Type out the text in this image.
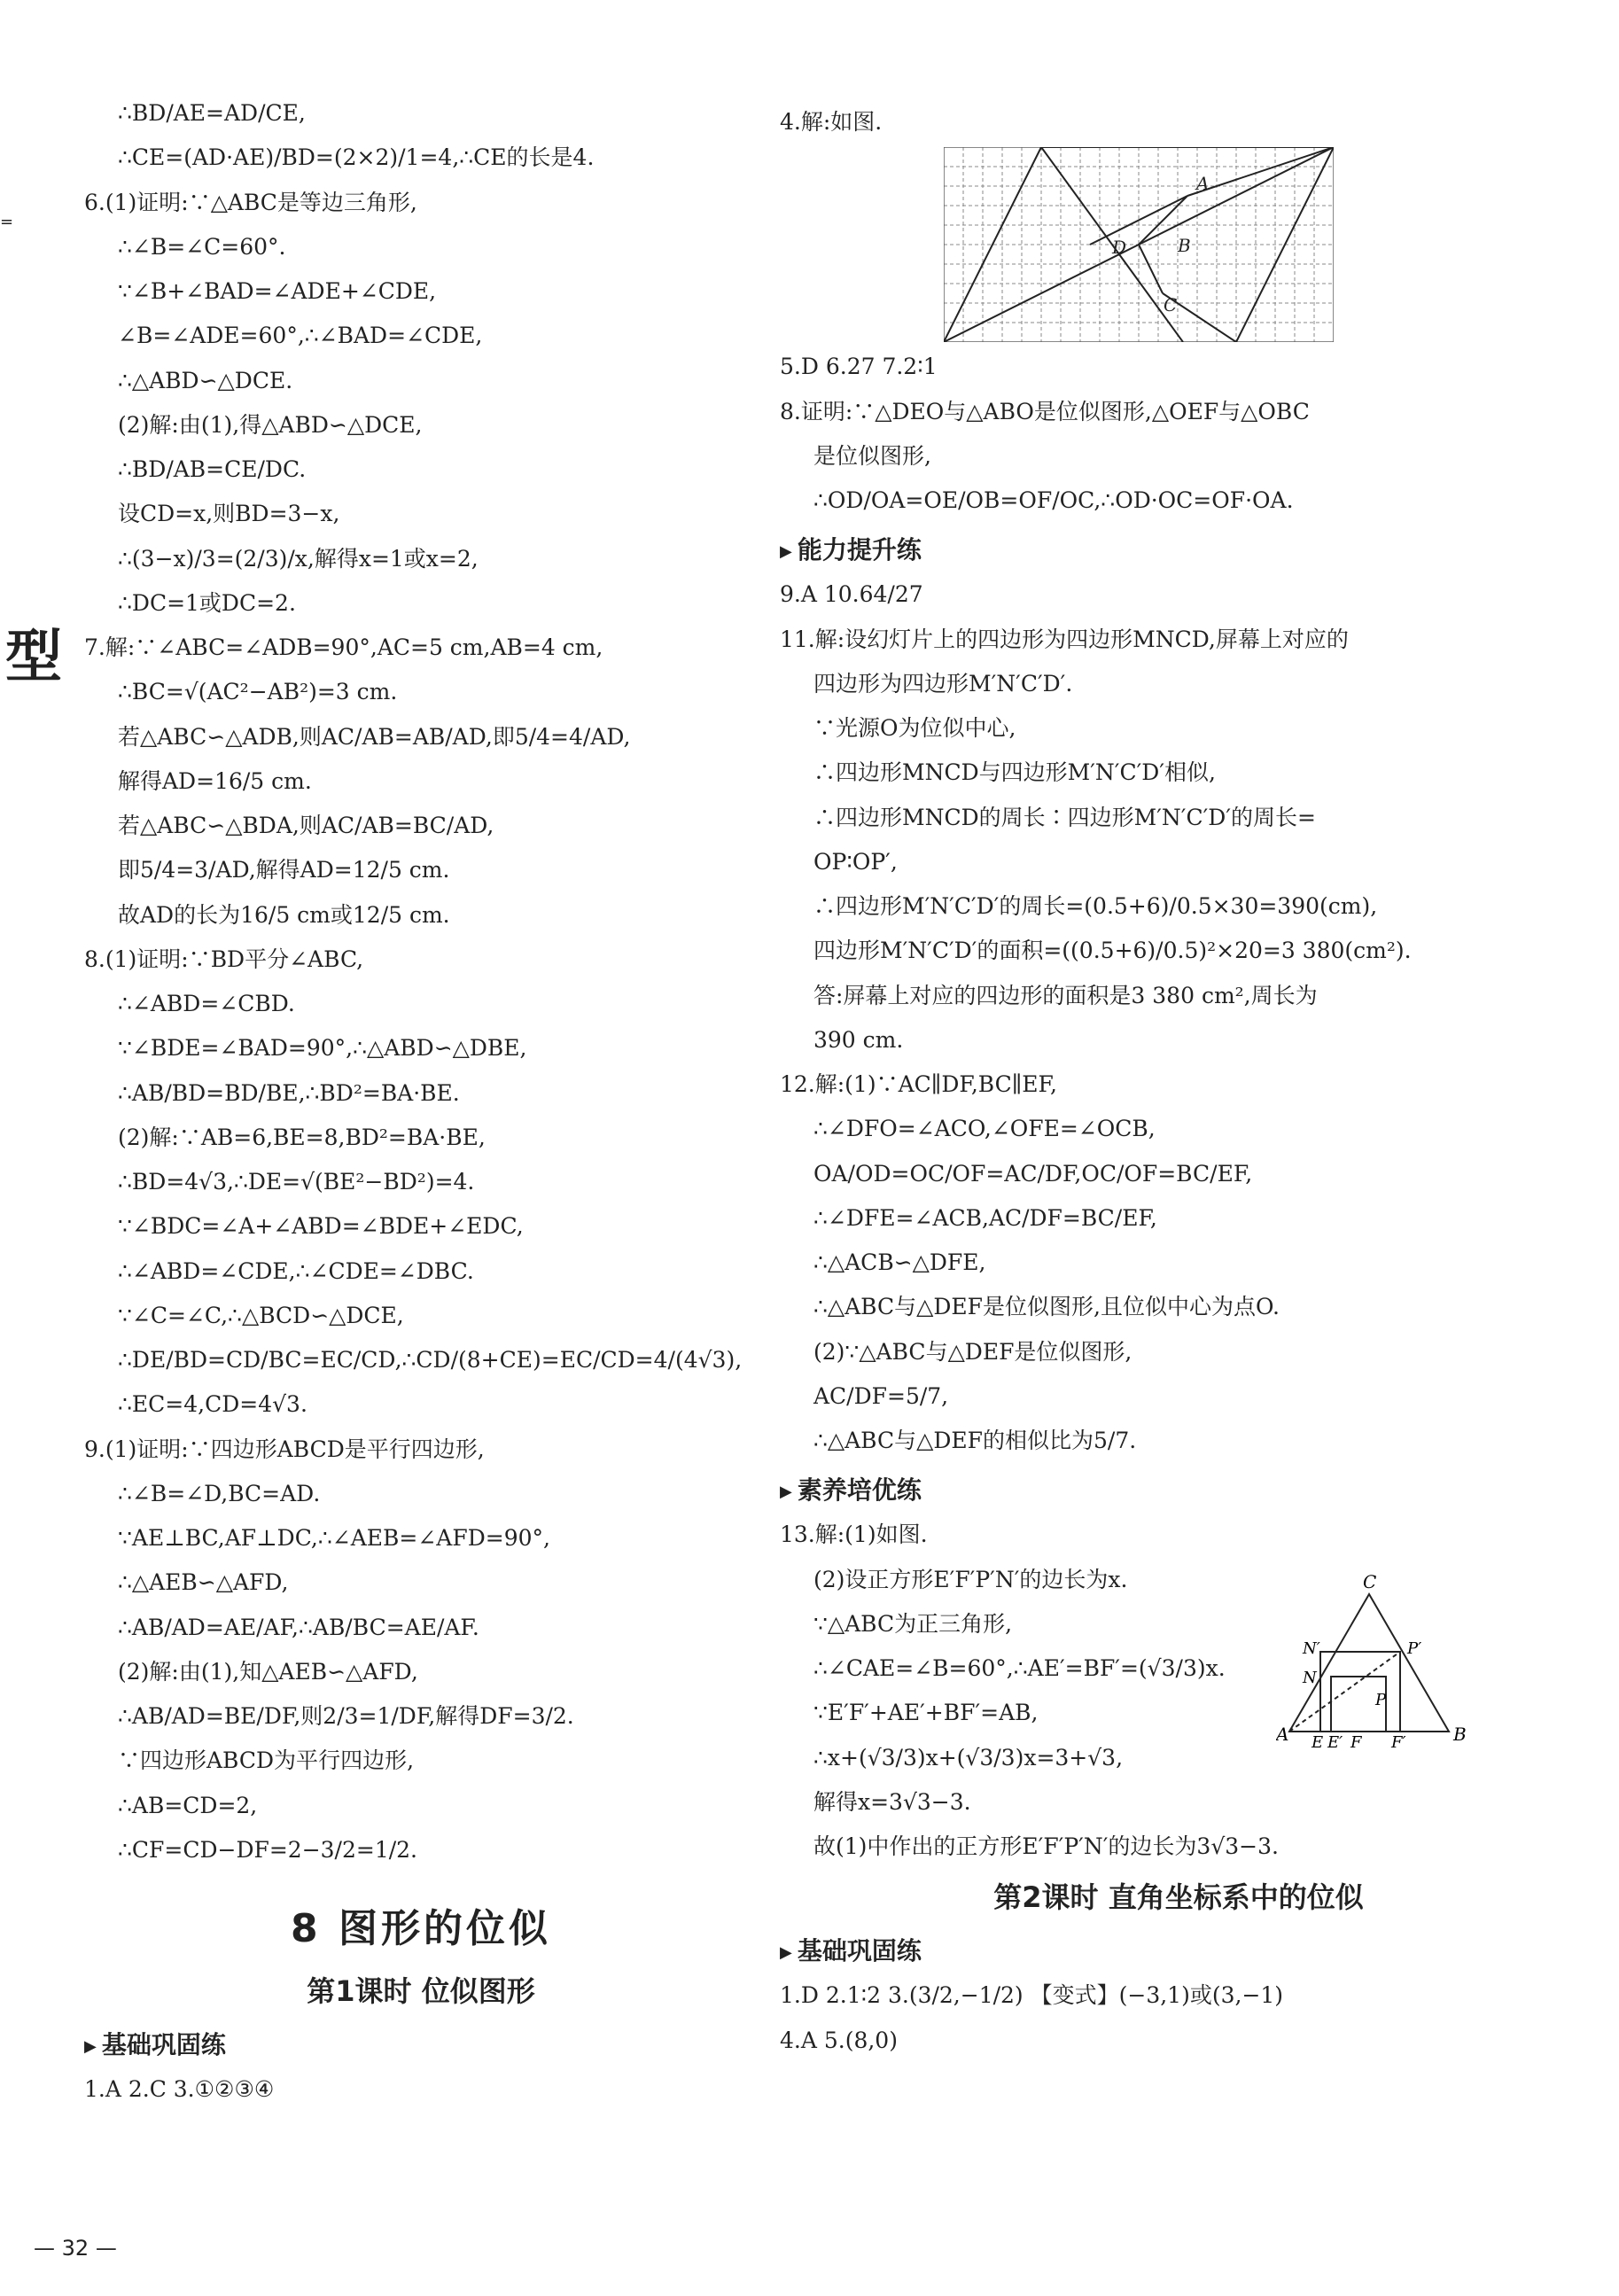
=
型
∴BD/AE=AD/CE,
∴CE=(AD·AE)/BD=(2×2)/1=4,∴CE的长是4.
6.(1)证明:∵△ABC是等边三角形,
∴∠B=∠C=60°.
∵∠B+∠BAD=∠ADE+∠CDE,
∠B=∠ADE=60°,∴∠BAD=∠CDE,
∴△ABD∽△DCE.
(2)解:由(1),得△ABD∽△DCE,
∴BD/AB=CE/DC.
设CD=x,则BD=3−x,
∴(3−x)/3=(2/3)/x,解得x=1或x=2,
∴DC=1或DC=2.
7.解:∵∠ABC=∠ADB=90°,AC=5 cm,AB=4 cm,
∴BC=√(AC²−AB²)=3 cm.
若△ABC∽△ADB,则AC/AB=AB/AD,即5/4=4/AD,
解得AD=16/5 cm.
若△ABC∽△BDA,则AC/AB=BC/AD,
即5/4=3/AD,解得AD=12/5 cm.
故AD的长为16/5 cm或12/5 cm.
8.(1)证明:∵BD平分∠ABC,
∴∠ABD=∠CBD.
∵∠BDE=∠BAD=90°,∴△ABD∽△DBE,
∴AB/BD=BD/BE,∴BD²=BA·BE.
(2)解:∵AB=6,BE=8,BD²=BA·BE,
∴BD=4√3,∴DE=√(BE²−BD²)=4.
∵∠BDC=∠A+∠ABD=∠BDE+∠EDC,
∴∠ABD=∠CDE,∴∠CDE=∠DBC.
∵∠C=∠C,∴△BCD∽△DCE,
∴DE/BD=CD/BC=EC/CD,∴CD/(8+CE)=EC/CD=4/(4√3),
∴EC=4,CD=4√3.
9.(1)证明:∵四边形ABCD是平行四边形,
∴∠B=∠D,BC=AD.
∵AE⊥BC,AF⊥DC,∴∠AEB=∠AFD=90°,
∴△AEB∽△AFD,
∴AB/AD=AE/AF,∴AB/BC=AE/AF.
(2)解:由(1),知△AEB∽△AFD,
∴AB/AD=BE/DF,则2/3=1/DF,解得DF=3/2.
∵四边形ABCD为平行四边形,
∴AB=CD=2,
∴CF=CD−DF=2−3/2=1/2.
8 图形的位似
第1课时 位似图形
▶ 基础巩固练
1.A 2.C 3.①②③④
4.解:如图.
A
B
C
D
5.D 6.27 7.2∶1
8.证明:∵△DEO与△ABO是位似图形,△OEF与△OBC
是位似图形,
∴OD/OA=OE/OB=OF/OC,∴OD·OC=OF·OA.
▶ 能力提升练
9.A 10.64/27
11.解:设幻灯片上的四边形为四边形MNCD,屏幕上对应的
四边形为四边形M′N′C′D′.
∵光源O为位似中心,
∴四边形MNCD与四边形M′N′C′D′相似,
∴四边形MNCD的周长∶四边形M′N′C′D′的周长=
OP∶OP′,
∴四边形M′N′C′D′的周长=(0.5+6)/0.5×30=390(cm),
四边形M′N′C′D′的面积=((0.5+6)/0.5)²×20=3 380(cm²).
答:屏幕上对应的四边形的面积是3 380 cm²,周长为
390 cm.
12.解:(1)∵AC∥DF,BC∥EF,
∴∠DFO=∠ACO,∠OFE=∠OCB,
OA/OD=OC/OF=AC/DF,OC/OF=BC/EF,
∴∠DFE=∠ACB,AC/DF=BC/EF,
∴△ACB∽△DFE,
∴△ABC与△DEF是位似图形,且位似中心为点O.
(2)∵△ABC与△DEF是位似图形,
AC/DF=5/7,
∴△ABC与△DEF的相似比为5/7.
▶ 素养培优练
13.解:(1)如图.
(2)设正方形E′F′P′N′的边长为x.
∵△ABC为正三角形,
∴∠CAE=∠B=60°,∴AE′=BF′=(√3/3)x.
∵E′F′+AE′+BF′=AB,
∴x+(√3/3)x+(√3/3)x=3+√3,
解得x=3√3−3.
故(1)中作出的正方形E′F′P′N′的边长为3√3−3.
C
N′	P′
N
P
A	B
E E′ F F′
第2课时 直角坐标系中的位似
▶ 基础巩固练
1.D 2.1∶2 3.(3/2,−1/2) 【变式】(−3,1)或(3,−1)
4.A 5.(8,0)
— 32 —
